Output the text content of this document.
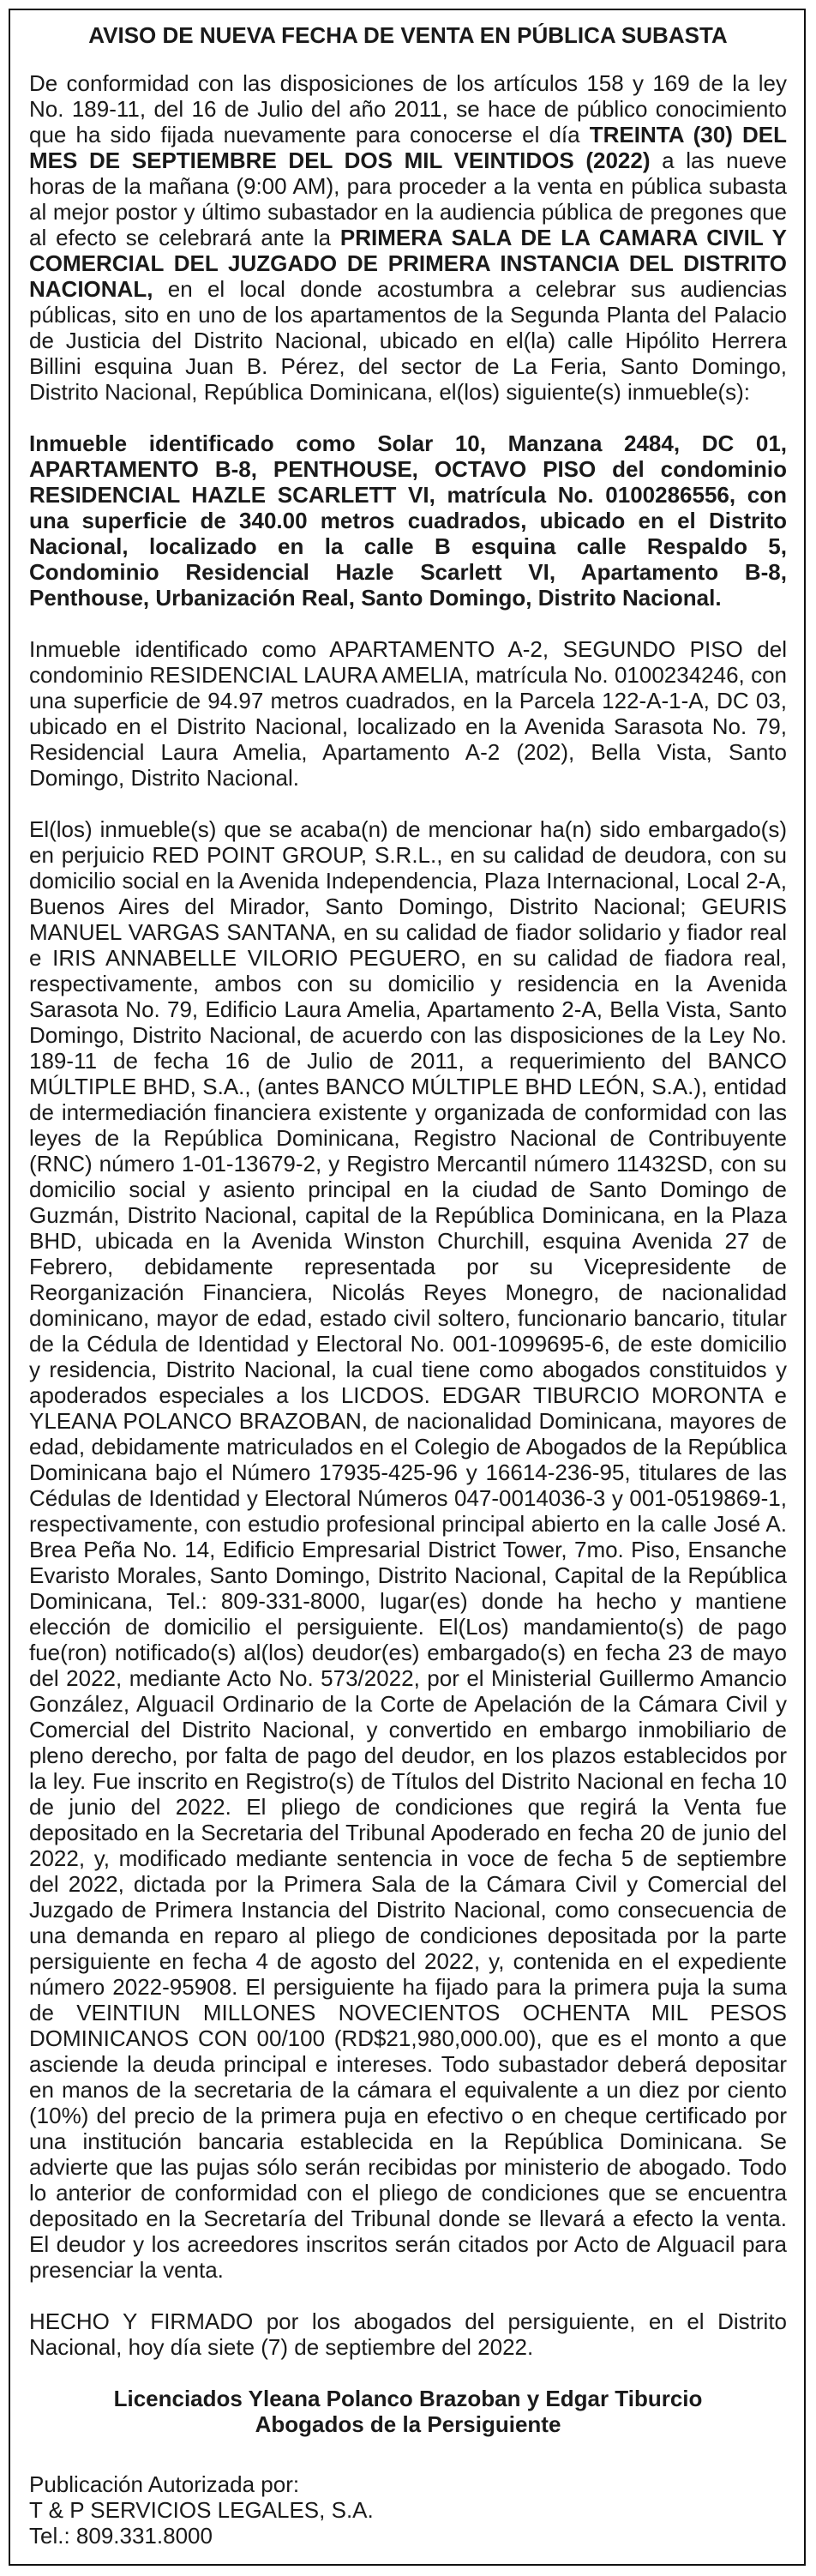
AVISO DE NUEVA FECHA DE VENTA EN PÚBLICA SUBASTA

De conformidad con las disposiciones de los artículos 158 y 169 de la ley No. 189-11, del 16 de Julio del año 2011, se hace de público conocimiento que ha sido fijada nuevamente para conocerse el día TREINTA (30) DEL MES DE SEPTIEMBRE DEL DOS MIL VEINTIDOS (2022) a las nueve horas de la mañana (9:00 AM), para proceder a la venta en pública subasta al mejor postor y último subastador en la audiencia pública de pregones que al efecto se celebrará ante la PRIMERA SALA DE LA CAMARA CIVIL Y COMERCIAL DEL JUZGADO DE PRIMERA INSTANCIA DEL DISTRITO NACIONAL, en el local donde acostumbra a celebrar sus audiencias públicas, sito en uno de los apartamentos de la Segunda Planta del Palacio de Justicia del Distrito Nacional, ubicado en el(la) calle Hipólito Herrera Billini esquina Juan B. Pérez, del sector de La Feria, Santo Domingo, Distrito Nacional, República Dominicana, el(los) siguiente(s) inmueble(s):

Inmueble identificado como Solar 10, Manzana 2484, DC 01, APARTAMENTO B-8, PENTHOUSE, OCTAVO PISO del condominio RESIDENCIAL HAZLE SCARLETT VI, matrícula No. 0100286556, con una superficie de 340.00 metros cuadrados, ubicado en el Distrito Nacional, localizado en la calle B esquina calle Respaldo 5, Condominio Residencial Hazle Scarlett VI, Apartamento B-8, Penthouse, Urbanización Real, Santo Domingo, Distrito Nacional.

Inmueble identificado como APARTAMENTO A-2, SEGUNDO PISO del condominio RESIDENCIAL LAURA AMELIA, matrícula No. 0100234246, con una superficie de 94.97 metros cuadrados, en la Parcela 122-A-1-A, DC 03, ubicado en el Distrito Nacional, localizado en la Avenida Sarasota No. 79, Residencial Laura Amelia, Apartamento A-2 (202), Bella Vista, Santo Domingo, Distrito Nacional.

El(los) inmueble(s) que se acaba(n) de mencionar ha(n) sido embargado(s) en perjuicio RED POINT GROUP, S.R.L., en su calidad de deudora, con su domicilio social en la Avenida Independencia, Plaza Internacional, Local 2-A, Buenos Aires del Mirador, Santo Domingo, Distrito Nacional; GEURIS MANUEL VARGAS SANTANA, en su calidad de fiador solidario y fiador real e IRIS ANNABELLE VILORIO PEGUERO, en su calidad de fiadora real, respectivamente, ambos con su domicilio y residencia en la Avenida Sarasota No. 79, Edificio Laura Amelia, Apartamento 2-A, Bella Vista, Santo Domingo, Distrito Nacional, de acuerdo con las disposiciones de la Ley No. 189-11 de fecha 16 de Julio de 2011, a requerimiento del BANCO MÚLTIPLE BHD, S.A., (antes BANCO MÚLTIPLE BHD LEÓN, S.A.), entidad de intermediación financiera existente y organizada de conformidad con las leyes de la República Dominicana, Registro Nacional de Contribuyente (RNC) número 1-01-13679-2, y Registro Mercantil número 11432SD, con su domicilio social y asiento principal en la ciudad de Santo Domingo de Guzmán, Distrito Nacional, capital de la República Dominicana, en la Plaza BHD, ubicada en la Avenida Winston Churchill, esquina Avenida 27 de Febrero, debidamente representada por su Vicepresidente de Reorganización Financiera, Nicolás Reyes Monegro, de nacionalidad dominicano, mayor de edad, estado civil soltero, funcionario bancario, titular de la Cédula de Identidad y Electoral No. 001-1099695-6, de este domicilio y residencia, Distrito Nacional, la cual tiene como abogados constituidos y apoderados especiales a los LICDOS. EDGAR TIBURCIO MORONTA e YLEANA POLANCO BRAZOBAN, de nacionalidad Dominicana, mayores de edad, debidamente matriculados en el Colegio de Abogados de la República Dominicana bajo el Número 17935-425-96 y 16614-236-95, titulares de las Cédulas de Identidad y Electoral Números 047-0014036-3 y 001-0519869-1, respectivamente, con estudio profesional principal abierto en la calle José A. Brea Peña No. 14, Edificio Empresarial District Tower, 7mo. Piso, Ensanche Evaristo Morales, Santo Domingo, Distrito Nacional, Capital de la República Dominicana, Tel.: 809-331-8000, lugar(es) donde ha hecho y mantiene elección de domicilio el persiguiente. El(Los) mandamiento(s) de pago fue(ron) notificado(s) al(los) deudor(es) embargado(s) en fecha 23 de mayo del 2022, mediante Acto No. 573/2022, por el Ministerial Guillermo Amancio González, Alguacil Ordinario de la Corte de Apelación de la Cámara Civil y Comercial del Distrito Nacional, y convertido en embargo inmobiliario de pleno derecho, por falta de pago del deudor, en los plazos establecidos por la ley. Fue inscrito en Registro(s) de Títulos del Distrito Nacional en fecha 10 de junio del 2022. El pliego de condiciones que regirá la Venta fue depositado en la Secretaria del Tribunal Apoderado en fecha 20 de junio del 2022, y, modificado mediante sentencia in voce de fecha 5 de septiembre del 2022, dictada por la Primera Sala de la Cámara Civil y Comercial del Juzgado de Primera Instancia del Distrito Nacional, como consecuencia de una demanda en reparo al pliego de condiciones depositada por la parte persiguiente en fecha 4 de agosto del 2022, y, contenida en el expediente número 2022-95908. El persiguiente ha fijado para la primera puja la suma de VEINTIUN MILLONES NOVECIENTOS OCHENTA MIL PESOS DOMINICANOS CON 00/100 (RD$21,980,000.00), que es el monto a que asciende la deuda principal e intereses. Todo subastador deberá depositar en manos de la secretaria de la cámara el equivalente a un diez por ciento (10%) del precio de la primera puja en efectivo o en cheque certificado por una institución bancaria establecida en la República Dominicana. Se advierte que las pujas sólo serán recibidas por ministerio de abogado. Todo lo anterior de conformidad con el pliego de condiciones que se encuentra depositado en la Secretaría del Tribunal donde se llevará a efecto la venta. El deudor y los acreedores inscritos serán citados por Acto de Alguacil para presenciar la venta.

HECHO Y FIRMADO por los abogados del persiguiente, en el Distrito Nacional, hoy día siete (7) de septiembre del 2022.

Licenciados Yleana Polanco Brazoban y Edgar Tiburcio
Abogados de la Persiguiente
Publicación Autorizada por:
T & P SERVICIOS LEGALES, S.A.
Tel.: 809.331.8000
